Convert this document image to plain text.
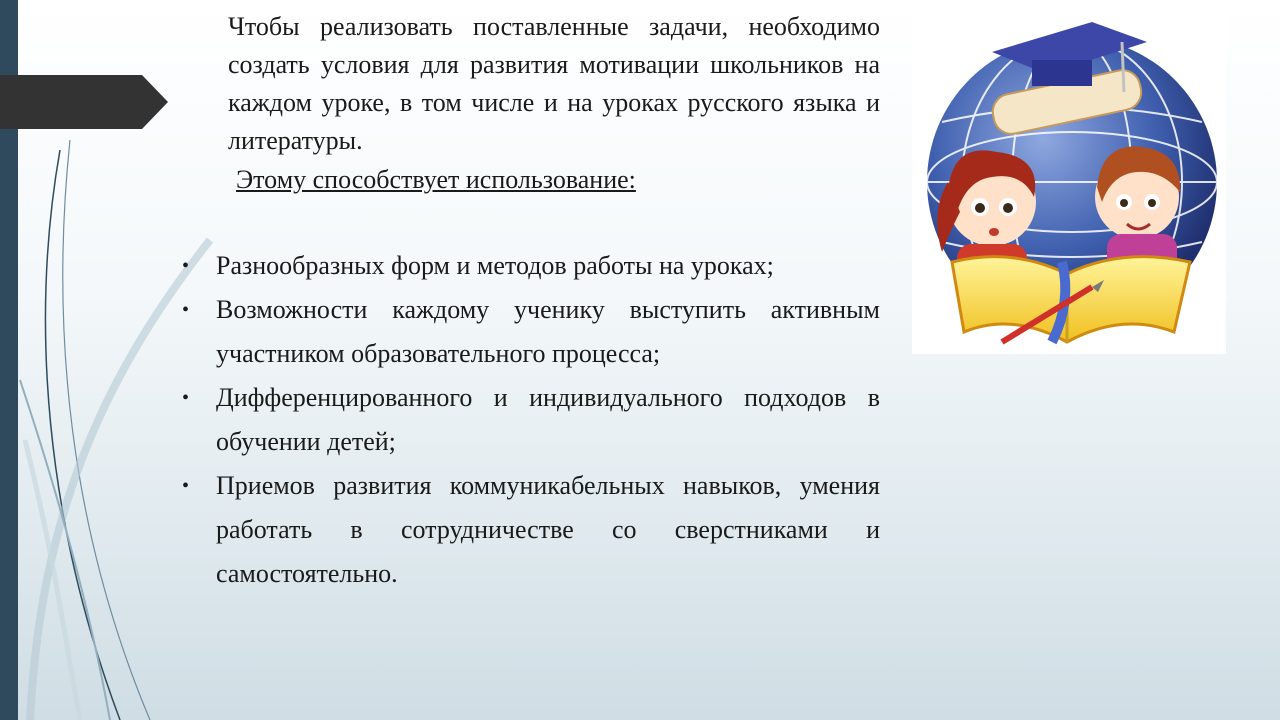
Чтобы реализовать поставленные задачи, необходимо создать условия для развития мотивации школьников на каждом уроке, в том числе и на уроках русского языка и литературы.

Этому способствует использование:

• Разнообразных форм и методов работы на уроках;
• Возможности каждому ученику выступить активным участником образовательного процесса;
• Дифференцированного и индивидуального подходов в обучении детей;
• Приемов развития коммуникабельных навыков, умения работать в сотрудничестве со сверстниками и самостоятельно.
